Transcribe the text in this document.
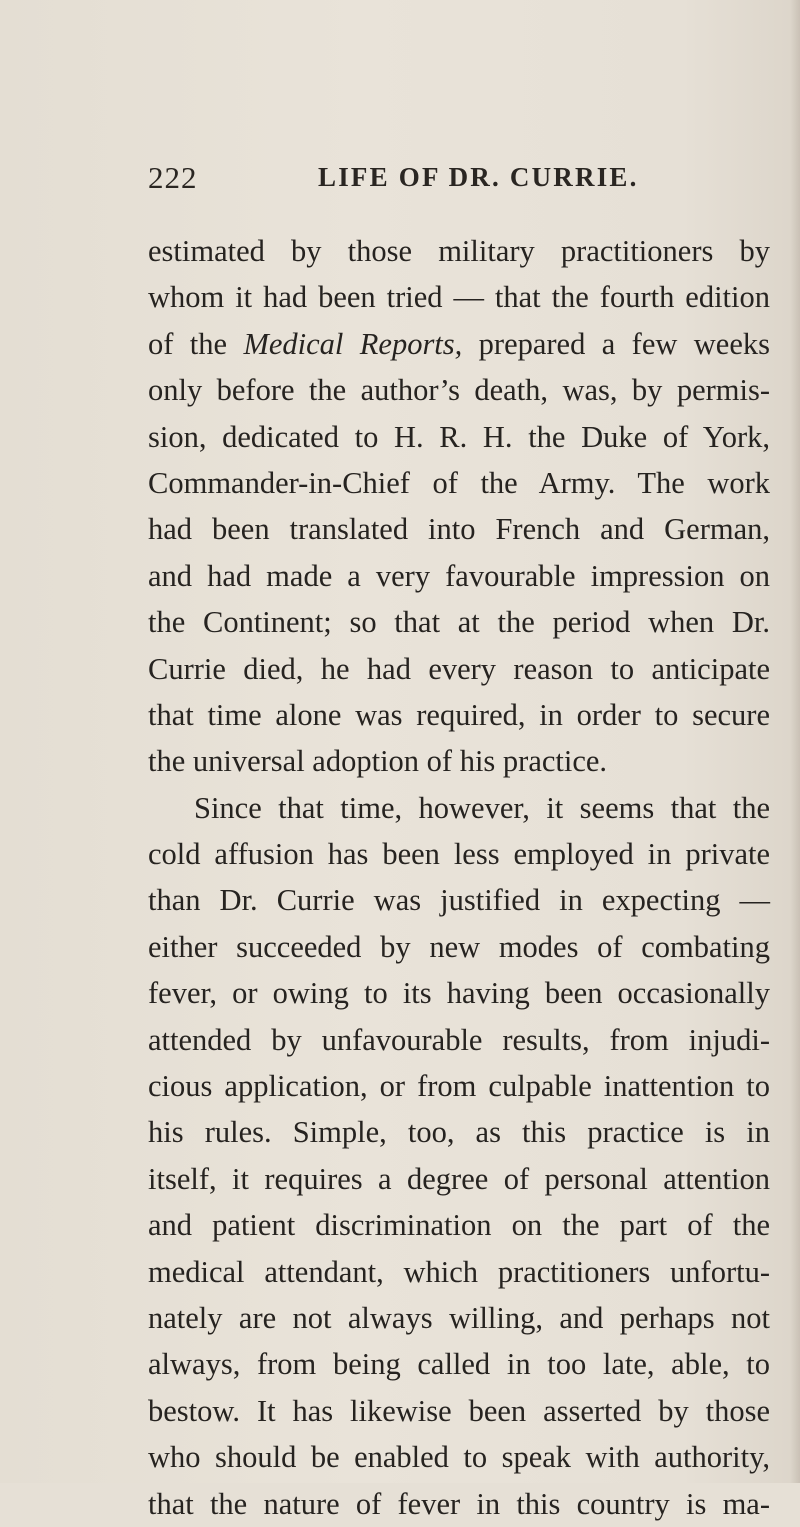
222	LIFE OF DR. CURRIE.
estimated by those military practitioners by
whom it had been tried — that the fourth edition
of the Medical Reports, prepared a few weeks
only before the author’s death, was, by permis-
sion, dedicated to H. R. H. the Duke of York,
Commander-in-Chief of the Army. The work
had been translated into French and German,
and had made a very favourable impression on
the Continent; so that at the period when Dr.
Currie died, he had every reason to anticipate
that time alone was required, in order to secure
the universal adoption of his practice.
Since that time, however, it seems that the
cold affusion has been less employed in private
than Dr. Currie was justified in expecting —
either succeeded by new modes of combating
fever, or owing to its having been occasionally
attended by unfavourable results, from injudi-
cious application, or from culpable inattention to
his rules. Simple, too, as this practice is in
itself, it requires a degree of personal attention
and patient discrimination on the part of the
medical attendant, which practitioners unfortu-
nately are not always willing, and perhaps not
always, from being called in too late, able, to
bestow. It has likewise been asserted by those
who should be enabled to speak with authority,
that the nature of fever in this country is ma-
